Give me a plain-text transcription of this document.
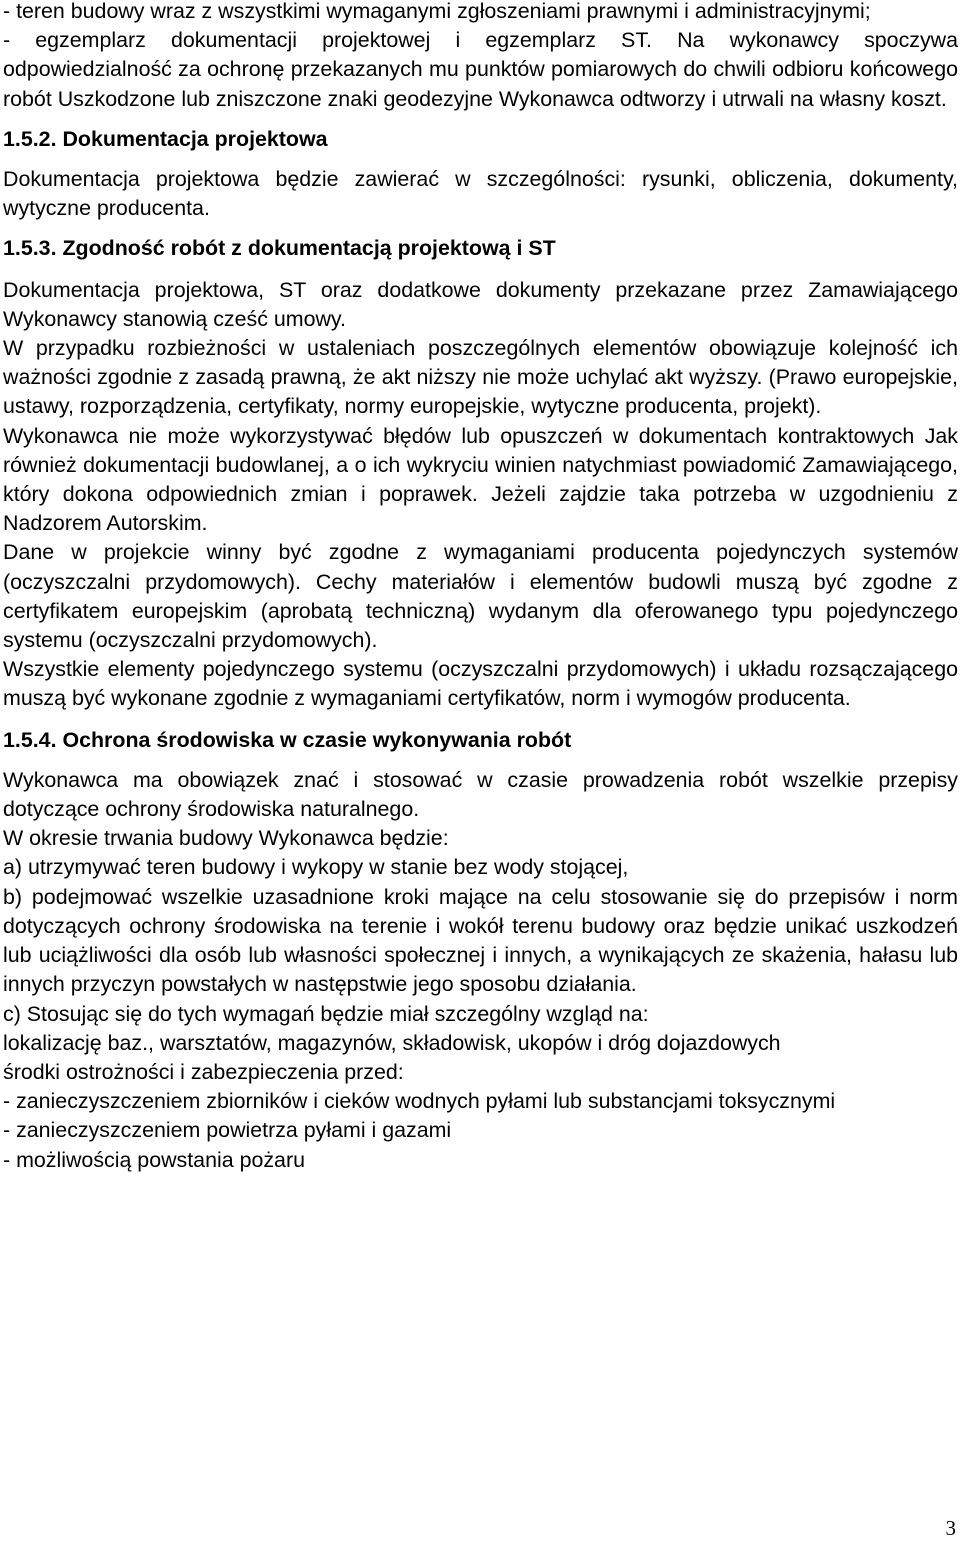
- teren budowy wraz z wszystkimi wymaganymi zgłoszeniami prawnymi i administracyjnymi;

- egzemplarz dokumentacji projektowej i egzemplarz ST. Na wykonawcy spoczywa odpowiedzialność za ochronę przekazanych mu punktów pomiarowych do chwili odbioru końcowego robót Uszkodzone lub zniszczone znaki geodezyjne Wykonawca odtworzy i utrwali na własny koszt.

1.5.2. Dokumentacja projektowa

Dokumentacja projektowa będzie zawierać w szczególności: rysunki, obliczenia, dokumenty, wytyczne producenta.

1.5.3. Zgodność robót z dokumentacją projektową i ST

Dokumentacja projektowa, ST oraz dodatkowe dokumenty przekazane przez Zamawiającego Wykonawcy stanowią cześć umowy.

W przypadku rozbieżności w ustaleniach poszczególnych elementów obowiązuje kolejność ich ważności zgodnie z zasadą prawną, że akt niższy nie może uchylać akt wyższy. (Prawo europejskie, ustawy, rozporządzenia, certyfikaty, normy europejskie, wytyczne producenta, projekt).

Wykonawca nie może wykorzystywać błędów lub opuszczeń w dokumentach kontraktowych Jak również dokumentacji budowlanej, a o ich wykryciu winien natychmiast powiadomić Zamawiającego, który dokona odpowiednich zmian i poprawek. Jeżeli zajdzie taka potrzeba w uzgodnieniu z Nadzorem Autorskim.

Dane w projekcie winny być zgodne z wymaganiami producenta pojedynczych systemów (oczyszczalni przydomowych). Cechy materiałów i elementów budowli muszą być zgodne z certyfikatem europejskim (aprobatą techniczną) wydanym dla oferowanego typu pojedynczego systemu (oczyszczalni przydomowych).

Wszystkie elementy pojedynczego systemu (oczyszczalni przydomowych) i układu rozsączającego muszą być wykonane zgodnie z wymaganiami certyfikatów, norm i wymogów producenta.

1.5.4. Ochrona środowiska w czasie wykonywania robót

Wykonawca ma obowiązek znać i stosować w czasie prowadzenia robót wszelkie przepisy dotyczące ochrony środowiska naturalnego.

W okresie trwania budowy Wykonawca będzie:

a) utrzymywać teren budowy i wykopy w stanie bez wody stojącej,

b) podejmować wszelkie uzasadnione kroki mające na celu stosowanie się do przepisów i norm dotyczących ochrony środowiska na terenie i wokół terenu budowy oraz będzie unikać uszkodzeń lub uciążliwości dla osób lub własności społecznej i innych, a wynikających ze skażenia, hałasu lub innych przyczyn powstałych w następstwie jego sposobu działania.

c) Stosując się do tych wymagań będzie miał szczególny wzgląd na:

lokalizację baz., warsztatów, magazynów, składowisk, ukopów i dróg dojazdowych

środki ostrożności i zabezpieczenia przed:

- zanieczyszczeniem zbiorników i cieków wodnych pyłami lub substancjami toksycznymi

- zanieczyszczeniem powietrza pyłami i gazami

- możliwością powstania pożaru

3
